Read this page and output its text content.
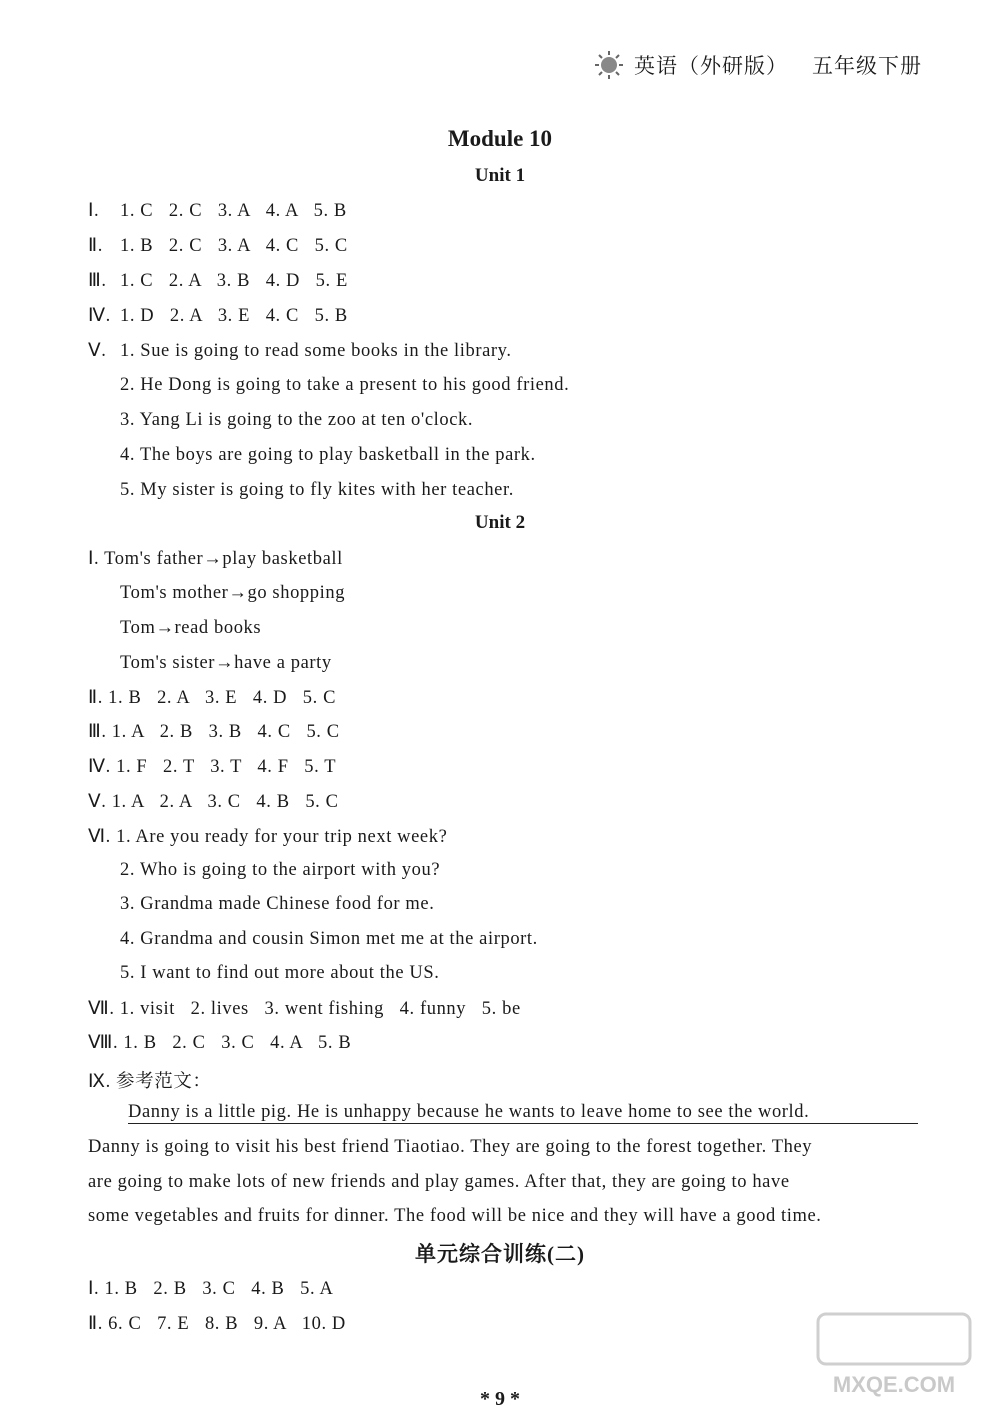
英语（外研版） 五年级下册
Module 10
Unit 1
Ⅰ. 1. C   2. C   3. A   4. A   5. B
Ⅱ. 1. B   2. C   3. A   4. C   5. C
Ⅲ. 1. C   2. A   3. B   4. D   5. E
Ⅳ. 1. D   2. A   3. E   4. C   5. B
Ⅴ. 1. Sue is going to read some books in the library.
2. He Dong is going to take a present to his good friend.
3. Yang Li is going to the zoo at ten o'clock.
4. The boys are going to play basketball in the park.
5. My sister is going to fly kites with her teacher.
Unit 2
Ⅰ. Tom's father→play basketball
Tom's mother→go shopping
Tom→read books
Tom's sister→have a party
Ⅱ. 1. B   2. A   3. E   4. D   5. C
Ⅲ. 1. A   2. B   3. B   4. C   5. C
Ⅳ. 1. F   2. T   3. T   4. F   5. T
Ⅴ. 1. A   2. A   3. C   4. B   5. C
Ⅵ. 1. Are you ready for your trip next week?
2. Who is going to the airport with you?
3. Grandma made Chinese food for me.
4. Grandma and cousin Simon met me at the airport.
5. I want to find out more about the US.
Ⅶ. 1. visit   2. lives   3. went fishing   4. funny   5. be
Ⅷ. 1. B   2. C   3. C   4. A   5. B
Ⅸ. 参考范文：
Danny is a little pig. He is unhappy because he wants to leave home to see the world.
Danny is going to visit his best friend Tiaotiao. They are going to the forest together. They
are going to make lots of new friends and play games. After that, they are going to have
some vegetables and fruits for dinner. The food will be nice and they will have a good time.
单元综合训练(二)
Ⅰ. 1. B   2. B   3. C   4. B   5. A
Ⅱ. 6. C   7. E   8. B   9. A   10. D
* 9 *
MXQE.COM
